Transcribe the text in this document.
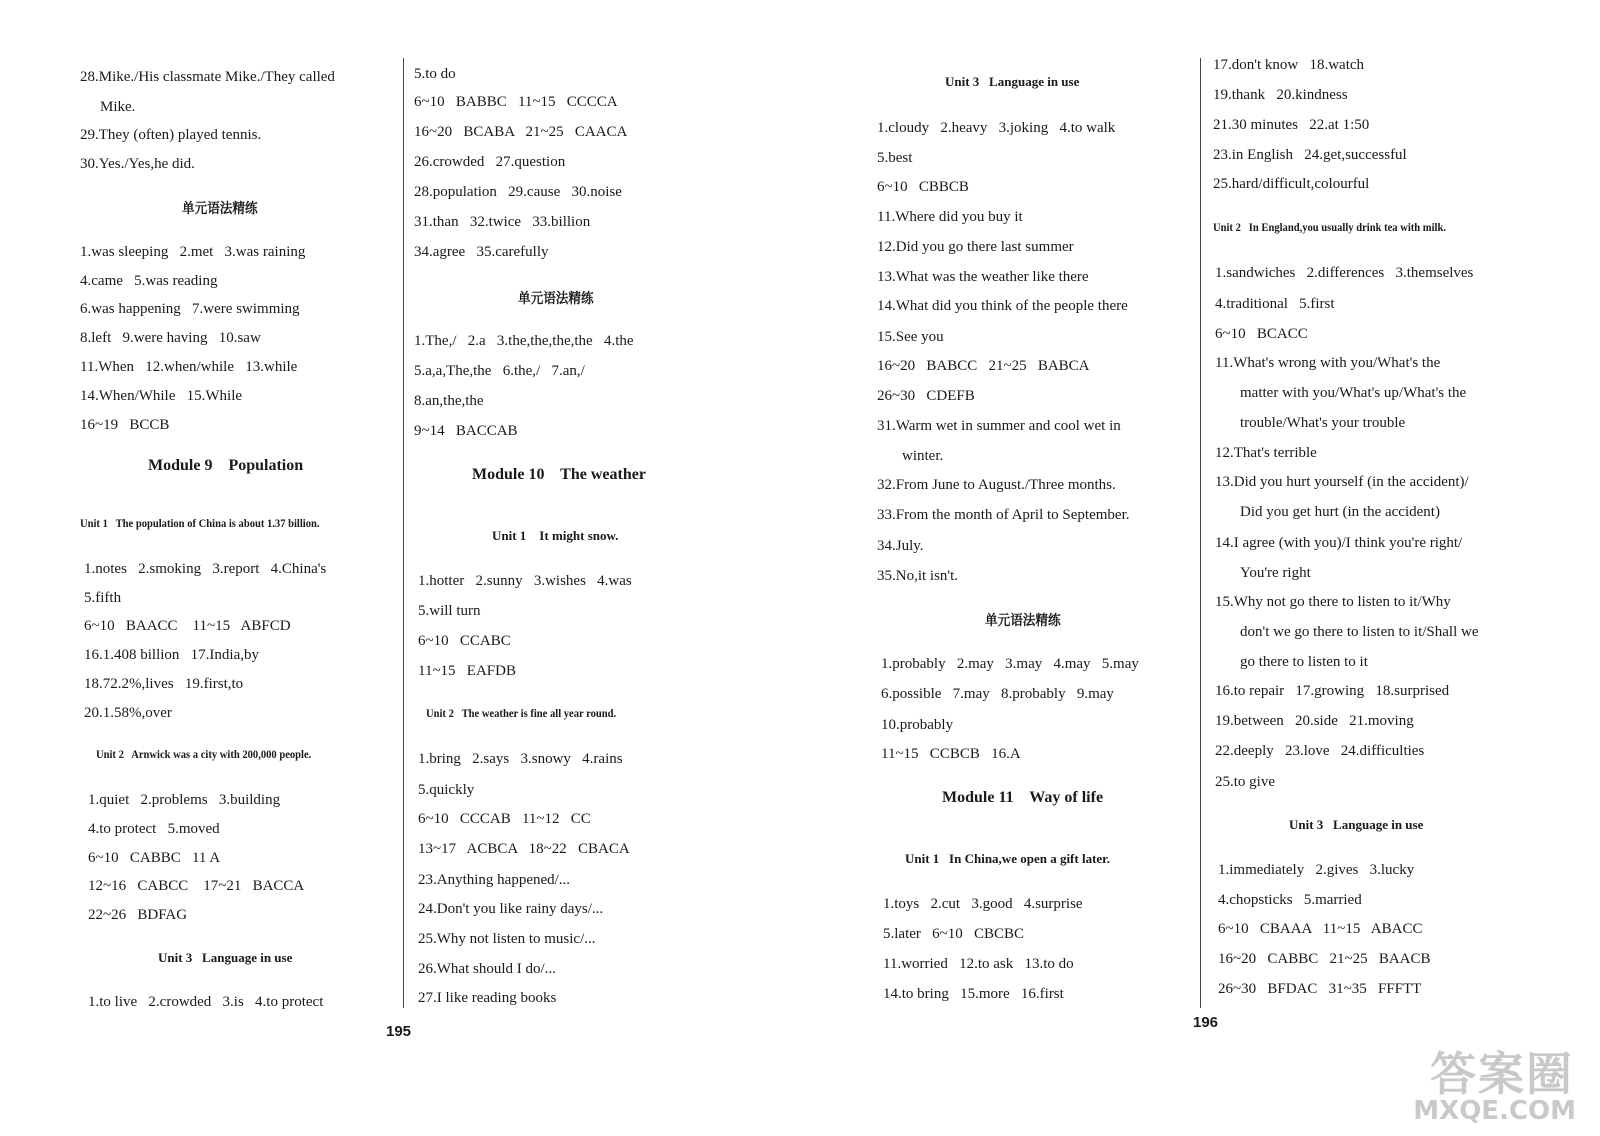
28.Mike./His classmate Mike./They called
Mike.
29.They (often) played tennis.
30.Yes./Yes,he did.
单元语法精练
1.was sleeping   2.met   3.was raining
4.came   5.was reading
6.was happening   7.were swimming
8.left   9.were having   10.saw
11.When   12.when/while   13.while
14.When/While   15.While
16~19   BCCB
Module 9    Population
Unit 1   The population of China is about 1.37 billion.
1.notes   2.smoking   3.report   4.China's
5.fifth
6~10   BAACC    11~15   ABFCD
16.1.408 billion   17.India,by
18.72.2%,lives   19.first,to
20.1.58%,over
Unit 2   Arnwick was a city with 200,000 people.
1.quiet   2.problems   3.building
4.to protect   5.moved
6~10   CABBC   11 A
12~16   CABCC    17~21   BACCA
22~26   BDFAG
Unit 3   Language in use
1.to live   2.crowded   3.is   4.to protect
5.to do
6~10   BABBC   11~15   CCCCA
16~20   BCABA   21~25   CAACA
26.crowded   27.question
28.population   29.cause   30.noise
31.than   32.twice   33.billion
34.agree   35.carefully
单元语法精练
1.The,/   2.a   3.the,the,the,the   4.the
5.a,a,The,the   6.the,/   7.an,/
8.an,the,the
9~14   BACCAB
Module 10    The weather
Unit 1    It might snow.
1.hotter   2.sunny   3.wishes   4.was
5.will turn
6~10   CCABC
11~15   EAFDB
Unit 2   The weather is fine all year round.
1.bring   2.says   3.snowy   4.rains
5.quickly
6~10   CCCAB   11~12   CC
13~17   ACBCA   18~22   CBACA
23.Anything happened/...
24.Don't you like rainy days/...
25.Why not listen to music/...
26.What should I do/...
27.I like reading books
195
Unit 3   Language in use
1.cloudy   2.heavy   3.joking   4.to walk
5.best
6~10   CBBCB
11.Where did you buy it
12.Did you go there last summer
13.What was the weather like there
14.What did you think of the people there
15.See you
16~20   BABCC   21~25   BABCA
26~30   CDEFB
31.Warm wet in summer and cool wet in
winter.
32.From June to August./Three months.
33.From the month of April to September.
34.July.
35.No,it isn't.
单元语法精练
1.probably   2.may   3.may   4.may   5.may
6.possible   7.may   8.probably   9.may
10.probably
11~15   CCBCB   16.A
Module 11    Way of life
Unit 1   In China,we open a gift later.
1.toys   2.cut   3.good   4.surprise
5.later   6~10   CBCBC
11.worried   12.to ask   13.to do
14.to bring   15.more   16.first
196
17.don't know   18.watch
19.thank   20.kindness
21.30 minutes   22.at 1:50
23.in English   24.get,successful
25.hard/difficult,colourful
Unit 2   In England,you usually drink tea with milk.
1.sandwiches   2.differences   3.themselves
4.traditional   5.first
6~10   BCACC
11.What's wrong with you/What's the
matter with you/What's up/What's the
trouble/What's your trouble
12.That's terrible
13.Did you hurt yourself (in the accident)/
Did you get hurt (in the accident)
14.I agree (with you)/I think you're right/
You're right
15.Why not go there to listen to it/Why
don't we go there to listen to it/Shall we
go there to listen to it
16.to repair   17.growing   18.surprised
19.between   20.side   21.moving
22.deeply   23.love   24.difficulties
25.to give
Unit 3   Language in use
1.immediately   2.gives   3.lucky
4.chopsticks   5.married
6~10   CBAAA   11~15   ABACC
16~20   CABBC   21~25   BAACB
26~30   BFDAC   31~35   FFFTT
答案圈
MXQE.COM
